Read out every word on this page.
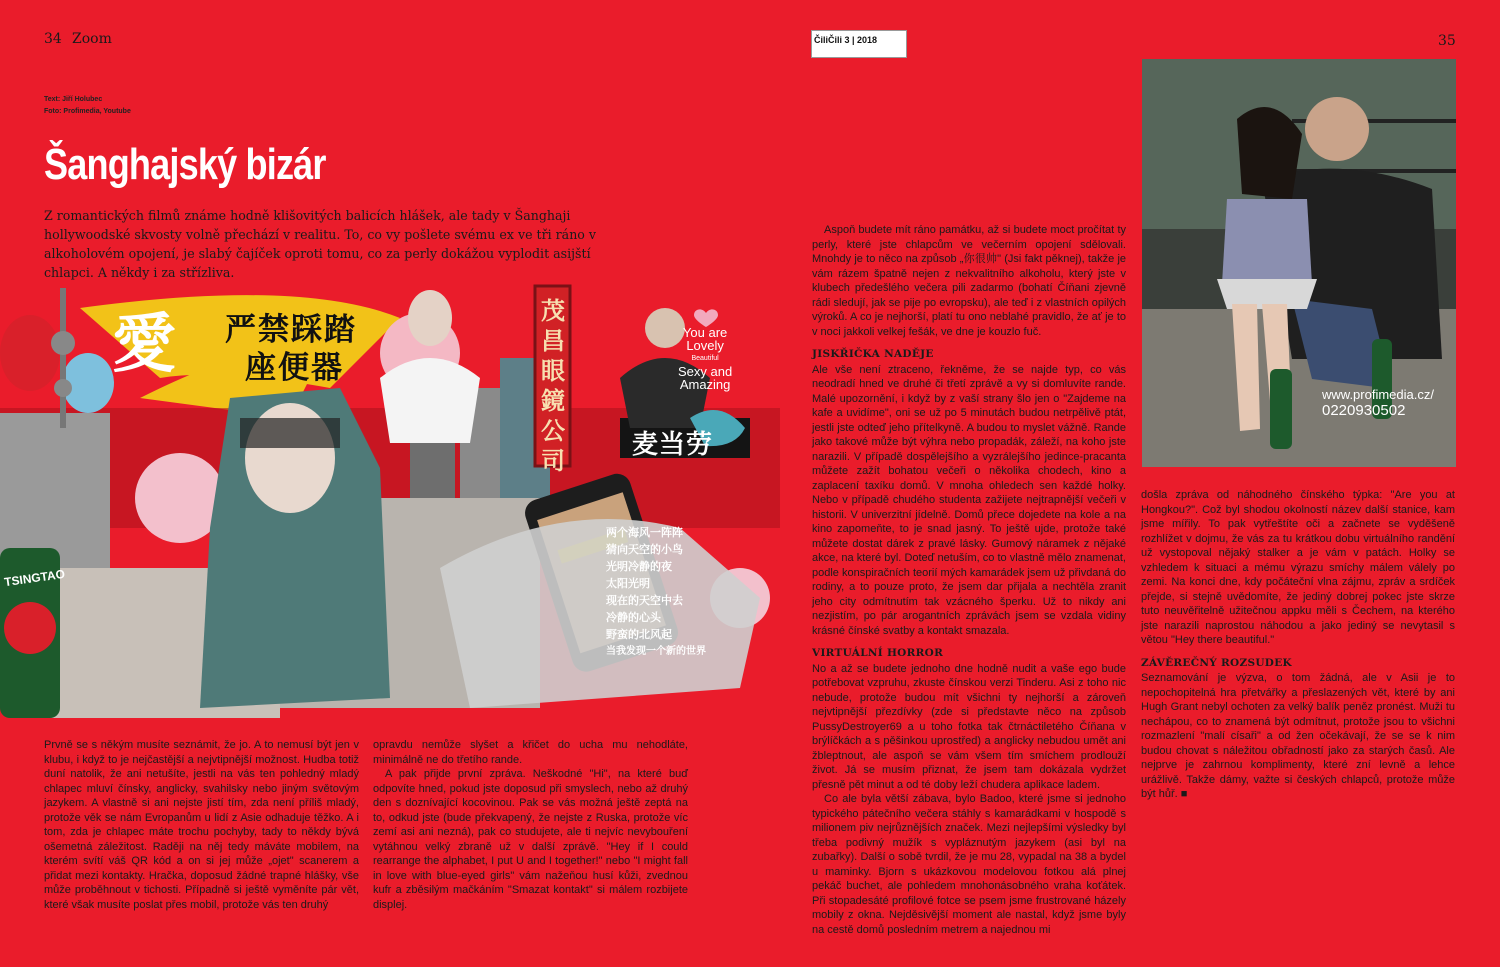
34 Zoom	ČiliČili 3 | 2018	35
Text: Jiří Holubec
Foto: Profimedia, Youtube
Šanghajský bizár
Z romantických filmů známe hodně klišovitých balicích hlášek, ale tady v Šanghaji hollywoodské skvosty volně přechází v realitu. To, co vy pošlete svému ex ve tři ráno v alkoholovém opojení, je slabý čajíček oproti tomu, co za perly dokážou vyplodit asijští chlapci. A někdy i za střízliva.
愛 严禁踩踏
座便器
茂昌眼鏡公司
麦当劳
TSINGTAO
You are
Lovely
Beautiful
Sexy and
Amazing
两个海风一阵阵
猜向天空的小鸟
光明冷静的夜
太阳光明
现在的天空中去
冷静的心头
野蛮的北风起
当我发现一个新的世界

Prvně se s někým musíte seznámit, že jo. A to nemusí být jen v klubu, i když to je nejčastější a nejvtipnější možnost. Hudba totiž duní natolik, že ani netušíte, jestli na vás ten pohledný mladý chlapec mluví čínsky, anglicky, svahilsky nebo jiným světovým jazykem. A vlastně si ani nejste jistí tím, zda není příliš mladý, protože věk se nám Evropanům u lidí z Asie odhaduje těžko. A i tom, zda je chlapec máte trochu pochyby, tady to někdy bývá ošemetná záležitost. Raději na něj tedy máváte mobilem, na kterém svítí váš QR kód a on si jej může „ojet" scanerem a přidat mezi kontakty. Hračka, doposud žádné trapné hlášky, vše může proběhnout v tichosti. Případně si ještě vyměníte pár vět, které však musíte poslat přes mobil, protože vás ten druhý

opravdu nemůže slyšet a křičet do ucha mu nehodláte, minimálně ne do třetího rande.

A pak přijde první zpráva. Neškodné "Hi", na které buď odpovíte hned, pokud jste doposud při smyslech, nebo až druhý den s doznívající kocovinou. Pak se vás možná ještě zeptá na to, odkud jste (bude překvapený, že nejste z Ruska, protože víc zemí asi ani nezná), pak co studujete, ale ti nejvíc nevybouření vytáhnou velký zbraně už v další zprávě. "Hey if I could rearrange the alphabet, I put U and I together!" nebo "I might fall in love with blue-eyed girls" vám nažeňou husí kůži, zvednou kufr a zběsilým mačkáním "Smazat kontakt" si málem rozbijete displej.

Aspoň budete mít ráno památku, až si budete moct pročítat ty perly, které jste chlapcům ve večerním opojení sdělovali. Mnohdy je to něco na způsob „你很帅" (Jsi fakt pěknej), takže je vám rázem špatně nejen z nekvalitního alkoholu, který jste v klubech předešlého večera pili zadarmo (bohatí Číňani zjevně rádi sledují, jak se pije po evropsku), ale teď i z vlastních opilých výroků. A co je nejhorší, platí tu ono neblahé pravidlo, že ať je to v noci jakkoli velkej fešák, ve dne je kouzlo fuč.

JISKŘIČKA NADĚJE

Ale vše není ztraceno, řekněme, že se najde typ, co vás neodradí hned ve druhé či třetí zprávě a vy si domluvíte rande. Malé upozornění, i když by z vaší strany šlo jen o "Zajdeme na kafe a uvidíme", oni se už po 5 minutách budou netrpělivě ptát, jestli jste odteď jeho přítelkyně. A budou to myslet vážně. Rande jako takové může být výhra nebo propadák, záleží, na koho jste narazili. V případě dospělejšího a vyzrálejšího jedince-pracanta můžete zažít bohatou večeři o několika chodech, kino a zaplacení taxíku domů. V mnoha ohledech sen každé holky. Nebo v případě chudého studenta zažijete nejtrapnější večeři v historii. V univerzitní jídelně. Domů přece dojedete na kole a na kino zapomeňte, to je snad jasný. To ještě ujde, protože také můžete dostat dárek z pravé lásky. Gumový náramek z nějaké akce, na které byl. Doteď netuším, co to vlastně mělo znamenat, podle konspiračních teorií mých kamarádek jsem už přivdaná do rodiny, a to pouze proto, že jsem dar přijala a nechtěla zranit jeho city odmítnutím tak vzácného šperku. Už to nikdy ani nezjistím, po pár arogantních zprávách jsem se vzdala vidiny krásné čínské svatby a kontakt smazala.

VIRTUÁLNÍ HORROR

No a až se budete jednoho dne hodně nudit a vaše ego bude potřebovat vzpruhu, zkuste čínskou verzi Tinderu. Asi z toho nic nebude, protože budou mít všichni ty nejhorší a zároveň nejvtipnější přezdívky (zde si představte něco na způsob PussyDestroyer69 a u toho fotka tak čtrnáctiletého Číňana v brýlíčkách a s pěšinkou uprostřed) a anglicky nebudou umět ani žbleptnout, ale aspoň se vám všem tím smíchem prodlouží život. Já se musím přiznat, že jsem tam dokázala vydržet přesně pět minut a od té doby leží chudera aplikace ladem.

Co ale byla větší zábava, bylo Badoo, které jsme si jednoho typického pátečního večera stáhly s kamarádkami v hospodě s milionem piv nejrůznějších značek. Mezi nejlepšími výsledky byl třeba podivný mužík s vypláznutým jazykem (asi byl na zubařky). Další o sobě tvrdil, že je mu 28, vypadal na 38 a bydel u maminky. Bjorn s ukázkovou modelovou fotkou alá plnej pekáč buchet, ale pohledem mnohonásobného vraha koťátek. Při stopadesáté profilové fotce se psem jsme frustrované házely mobily z okna. Nejděsivější moment ale nastal, když jsme byly na cestě domů posledním metrem a najednou mi

www.profimedia.cz/
0220930502

došla zpráva od náhodného čínského týpka: "Are you at Hongkou?". Což byl shodou okolností název další stanice, kam jsme mířily. To pak vytřeštíte oči a začnete se vyděšeně rozhlížet v dojmu, že vás za tu krátkou dobu virtuálního randění už vystopoval nějaký stalker a je vám v patách. Holky se vzhledem k situaci a mému výrazu smíchy málem válely po zemi. Na konci dne, kdy počáteční vlna zájmu, zpráv a srdíček přejde, si stejně uvědomíte, že jediný dobrej pokec jste skrze tuto neuvěřitelně užitečnou appku měli s Čechem, na kterého jste narazili naprostou náhodou a jako jediný se nevytasil s větou "Hey there beautiful."

ZÁVĚREČNÝ ROZSUDEK

Seznamování je výzva, o tom žádná, ale v Asii je to nepochopitelná hra přetvářky a přeslazených vět, které by ani Hugh Grant nebyl ochoten za velký balík peněz pronést. Muži tu nechápou, co to znamená být odmítnut, protože jsou to všichni rozmazlení "malí císaři" a od žen očekávají, že se se k nim budou chovat s náležitou obřadností jako za starých časů. Ale nejprve je zahrnou komplimenty, které zní levně a lehce urážlivě. Takže dámy, važte si českých chlapců, protože může být hůř. ■
